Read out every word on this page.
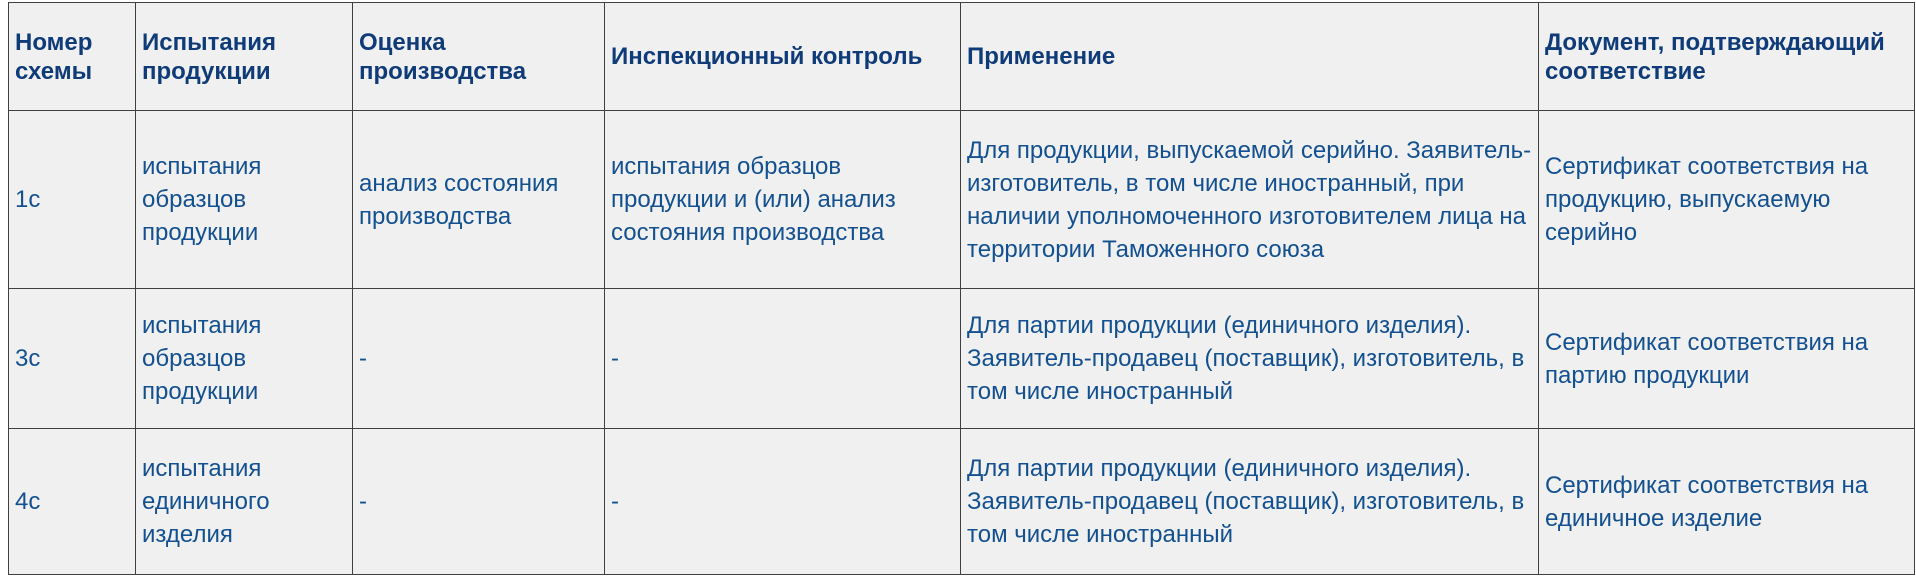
Номер схемы	Испытания продукции	Оценка производства	Инспекционный контроль	Применение	Документ, подтверждающий соответствие
1с	испытания образцов продукции	анализ состояния производства	испытания образцов продукции и (или) анализ состояния производства	Для продукции, выпускаемой серийно. Заявитель- изготовитель, в том числе иностранный, при наличии уполномоченного изготовителем лица на территории Таможенного союза	Сертификат соответствия на продукцию, выпускаемую серийно
3с	испытания образцов продукции	-	-	Для партии продукции (единичного изделия). Заявитель-продавец (поставщик), изготовитель, в том числе иностранный	Сертификат соответствия на партию продукции
4с	испытания единичного изделия	-	-	Для партии продукции (единичного изделия). Заявитель-продавец (поставщик), изготовитель, в том числе иностранный	Сертификат соответствия на единичное изделие
